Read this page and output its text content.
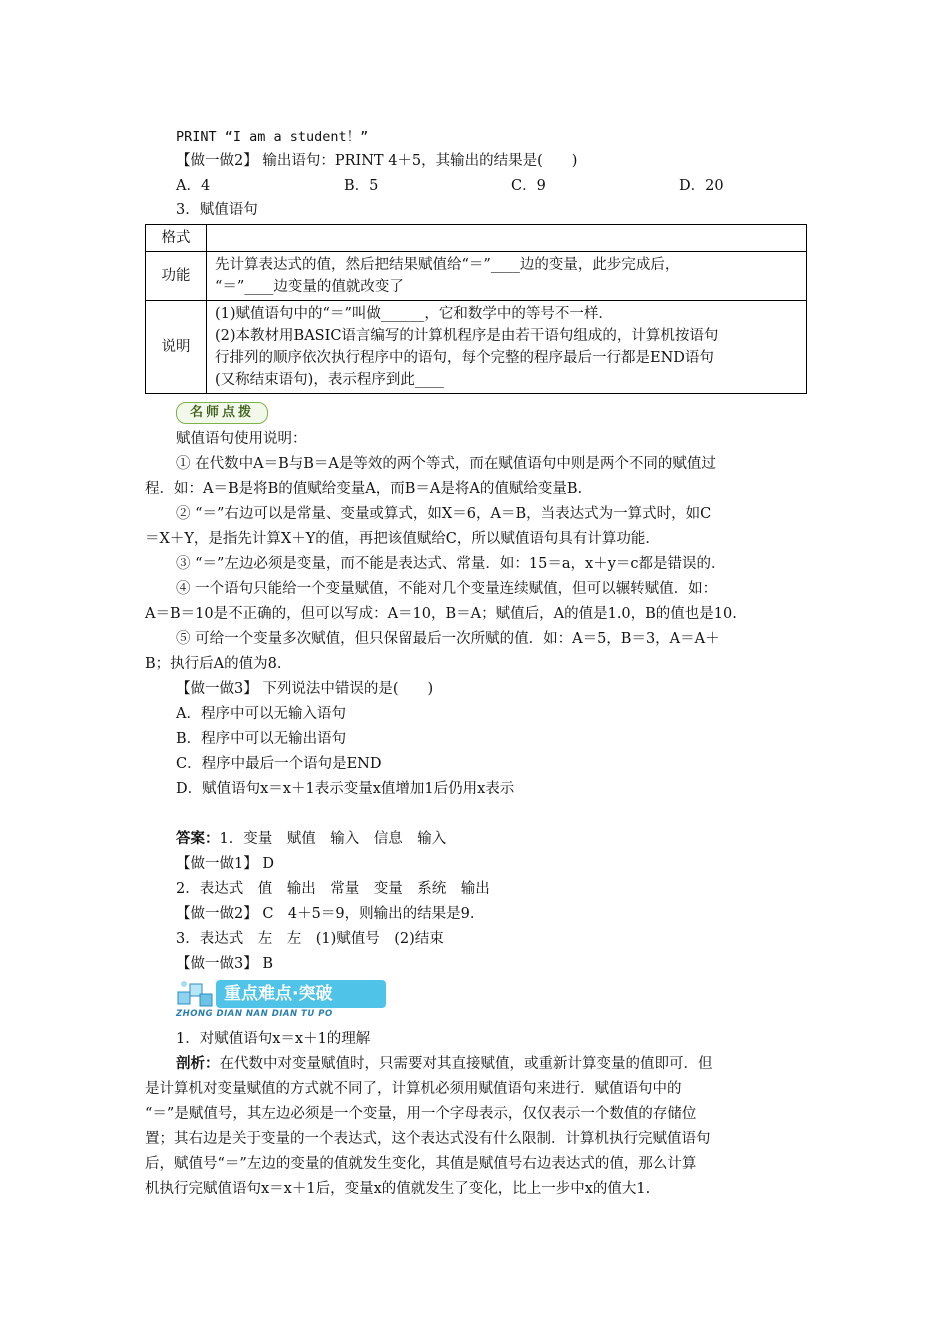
PRINT “I am a student！”
【做一做2】 输出语句：PRINT 4＋5，其输出的结果是(　　)
A．4	B．5	C．9	D．20
3．赋值语句
格式	
功能	先计算表达式的值，然后把结果赋值给“＝”____边的变量，此步完成后，
“＝”____边变量的值就改变了

说明	(1)赋值语句中的“＝”叫做______，它和数学中的等号不一样．
(2)本教材用BASIC语言编写的计算机程序是由若干语句组成的，计算机按语句
行排列的顺序依次执行程序中的语句，每个完整的程序最后一行都是END语句
(又称结束语句)，表示程序到此____
名师点拨
赋值语句使用说明：
① 在代数中A＝B与B＝A是等效的两个等式，而在赋值语句中则是两个不同的赋值过
程．如：A＝B是将B的值赋给变量A，而B＝A是将A的值赋给变量B.
② “＝”右边可以是常量、变量或算式，如X＝6，A＝B，当表达式为一算式时，如C
＝X＋Y，是指先计算X＋Y的值，再把该值赋给C，所以赋值语句具有计算功能．
③ “＝”左边必须是变量，而不能是表达式、常量．如：15＝a，x＋y＝c都是错误的．
④ 一个语句只能给一个变量赋值，不能对几个变量连续赋值，但可以辗转赋值．如：
A＝B＝10是不正确的，但可以写成：A＝10，B＝A；赋值后，A的值是1.0，B的值也是10.
⑤ 可给一个变量多次赋值，但只保留最后一次所赋的值．如：A＝5，B＝3，A＝A＋
B；执行后A的值为8.
【做一做3】 下列说法中错误的是(　　)
A．程序中可以无输入语句
B．程序中可以无输出语句
C．程序中最后一个语句是END
D．赋值语句x＝x＋1表示变量x值增加1后仍用x表示
答案：1．变量　赋值　输入　信息　输入
【做一做1】 D
2．表达式　值　输出　常量　变量　系统　输出
【做一做2】 C　4＋5＝9，则输出的结果是9.
3．表达式　左　左　(1)赋值号　(2)结束
【做一做3】 B
重点难点·突破
ZHONG DIAN NAN DIAN TU PO
1．对赋值语句x＝x＋1的理解
剖析：在代数中对变量赋值时，只需要对其直接赋值，或重新计算变量的值即可．但
是计算机对变量赋值的方式就不同了，计算机必须用赋值语句来进行．赋值语句中的
“＝”是赋值号，其左边必须是一个变量，用一个字母表示，仅仅表示一个数值的存储位
置；其右边是关于变量的一个表达式，这个表达式没有什么限制．计算机执行完赋值语句
后，赋值号“＝”左边的变量的值就发生变化，其值是赋值号右边表达式的值，那么计算
机执行完赋值语句x＝x＋1后，变量x的值就发生了变化，比上一步中x的值大1.
